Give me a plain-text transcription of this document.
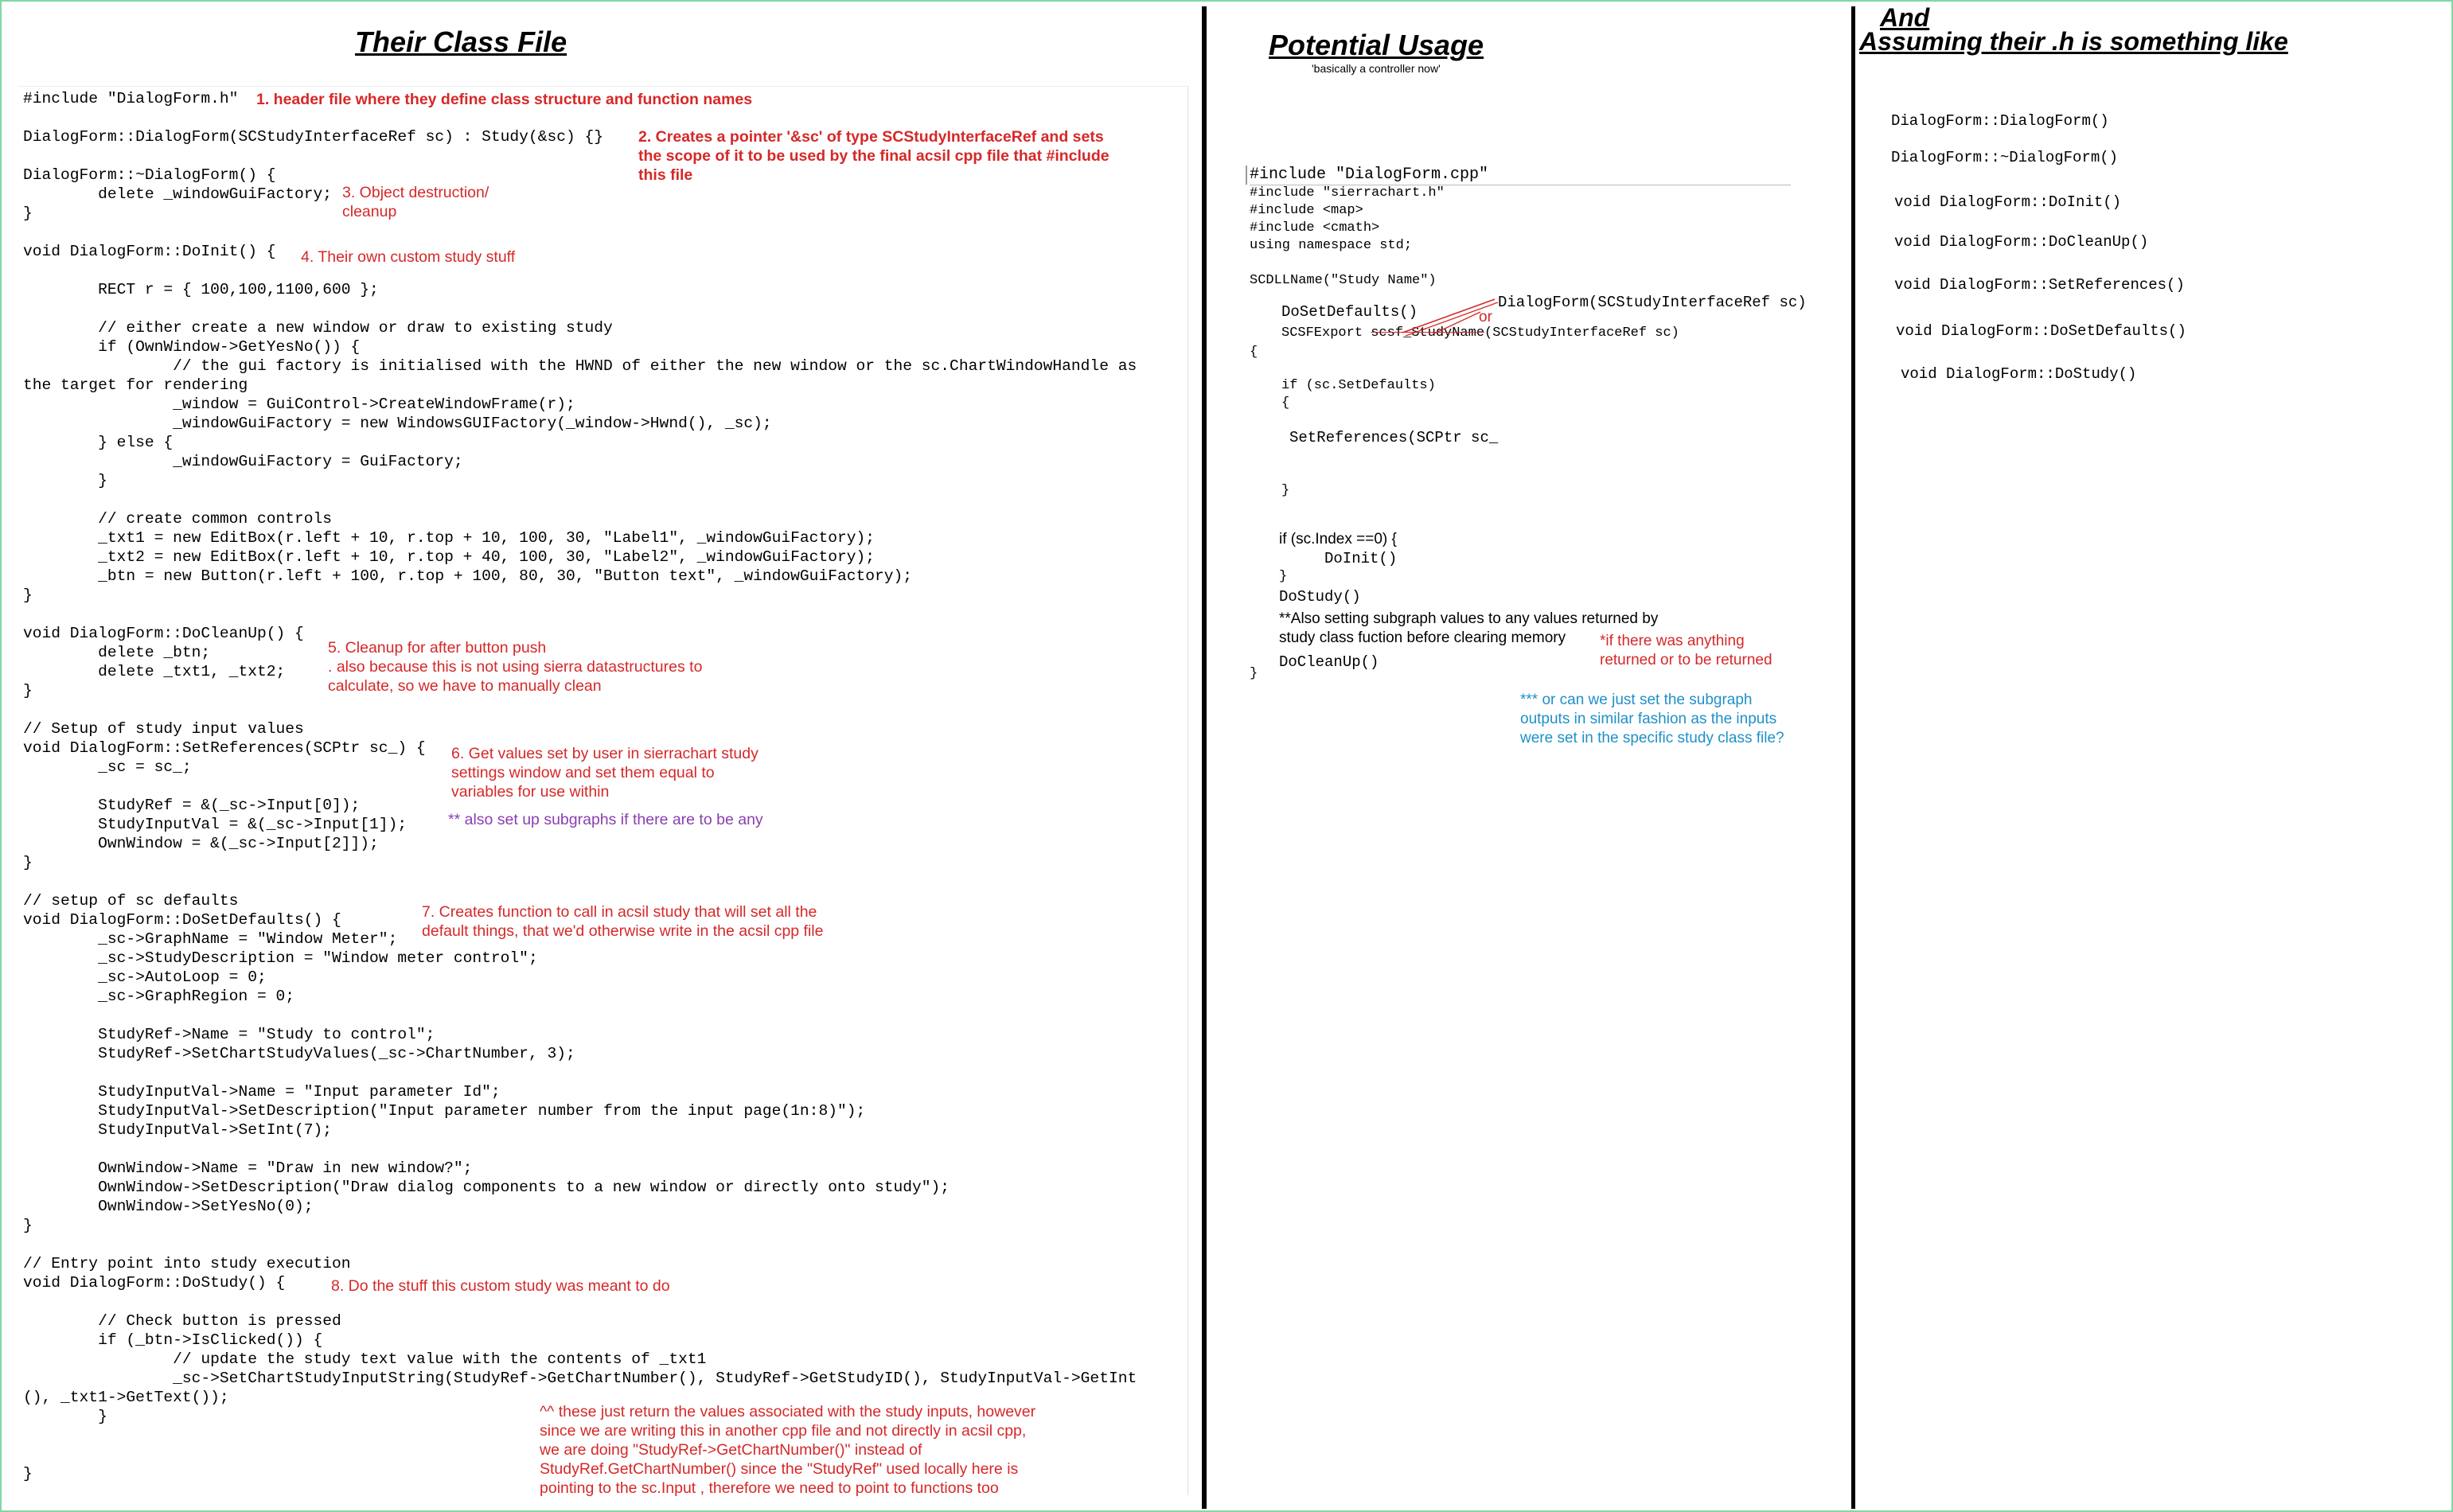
Their Class File
#include "DialogForm.h"

DialogForm::DialogForm(SCStudyInterfaceRef sc) : Study(&sc) {}

DialogForm::~DialogForm() {
delete _windowGuiFactory;
}

void DialogForm::DoInit() {

RECT r = { 100,100,1100,600 };

// either create a new window or draw to existing study
if (OwnWindow->GetYesNo()) {
// the gui factory is initialised with the HWND of either the new window or the sc.ChartWindowHandle as
the target for rendering
_window = GuiControl->CreateWindowFrame(r);
_windowGuiFactory = new WindowsGUIFactory(_window->Hwnd(), _sc);
} else {
_windowGuiFactory = GuiFactory;
}

// create common controls
_txt1 = new EditBox(r.left + 10, r.top + 10, 100, 30, "Label1", _windowGuiFactory);
_txt2 = new EditBox(r.left + 10, r.top + 40, 100, 30, "Label2", _windowGuiFactory);
_btn = new Button(r.left + 100, r.top + 100, 80, 30, "Button text", _windowGuiFactory);
}

void DialogForm::DoCleanUp() {
delete _btn;
delete _txt1, _txt2;
}

// Setup of study input values
void DialogForm::SetReferences(SCPtr sc_) {
_sc = sc_;

StudyRef = &(_sc->Input[0]);
StudyInputVal = &(_sc->Input[1]);
OwnWindow = &(_sc->Input[2]]);
}

// setup of sc defaults
void DialogForm::DoSetDefaults() {
_sc->GraphName = "Window Meter";
_sc->StudyDescription = "Window meter control";
_sc->AutoLoop = 0;
_sc->GraphRegion = 0;

StudyRef->Name = "Study to control";
StudyRef->SetChartStudyValues(_sc->ChartNumber, 3);

StudyInputVal->Name = "Input parameter Id";
StudyInputVal->SetDescription("Input parameter number from the input page(1n:8)");
StudyInputVal->SetInt(7);

OwnWindow->Name = "Draw in new window?";
OwnWindow->SetDescription("Draw dialog components to a new window or directly onto study");
OwnWindow->SetYesNo(0);
}

// Entry point into study execution
void DialogForm::DoStudy() {

// Check button is pressed
if (_btn->IsClicked()) {
// update the study text value with the contents of _txt1
_sc->SetChartStudyInputString(StudyRef->GetChartNumber(), StudyRef->GetStudyID(), StudyInputVal->GetInt
(), _txt1->GetText());
}

}
1. header file where they define class structure and function names
2. Creates a pointer '&sc' of type SCStudyInterfaceRef and sets
the scope of it to be used by the final acsil cpp file that #include
this file
3. Object destruction/
cleanup
4. Their own custom study stuff
5. Cleanup for after button push
. also because this is not using sierra datastructures to
calculate, so we have to manually clean
6. Get values set by user in sierrachart study
settings window and set them equal to
variables for use within
** also set up subgraphs if there are to be any
7. Creates function to call in acsil study that will set all the
default things, that we'd otherwise write in the acsil cpp file
8. Do the stuff this custom study was meant to do
^^ these just return the values associated with the study inputs, however
since we are writing this in another cpp file and not directly in acsil cpp,
we are doing "StudyRef->GetChartNumber()" instead of
StudyRef.GetChartNumber() since the "StudyRef" used locally here is
pointing to the sc.Input , therefore we need to point to functions too
Potential Usage
'basically a controller now'
#include "DialogForm.cpp"
#include "sierrachart.h"
#include <map>
#include <cmath>
using namespace std;

SCDLLName("Study Name")
DoSetDefaults()
DialogForm(SCStudyInterfaceRef sc)
or
SCSFExport scsf_StudyName(SCStudyInterfaceRef sc)
{
if (sc.SetDefaults)
{
SetReferences(SCPtr sc_
}
if (sc.Index ==0) {
DoInit()
}
DoStudy()
**Also setting subgraph values to any values returned by
study class fuction before clearing memory	*if there was anything
returned or to be returned
DoCleanUp()
}
*** or can we just set the subgraph
outputs in similar fashion as the inputs
were set in the specific study class file?
And
Assuming their .h is something like
DialogForm::DialogForm()
DialogForm::~DialogForm()
void DialogForm::DoInit()
void DialogForm::DoCleanUp()
void DialogForm::SetReferences()
void DialogForm::DoSetDefaults()
void DialogForm::DoStudy()
